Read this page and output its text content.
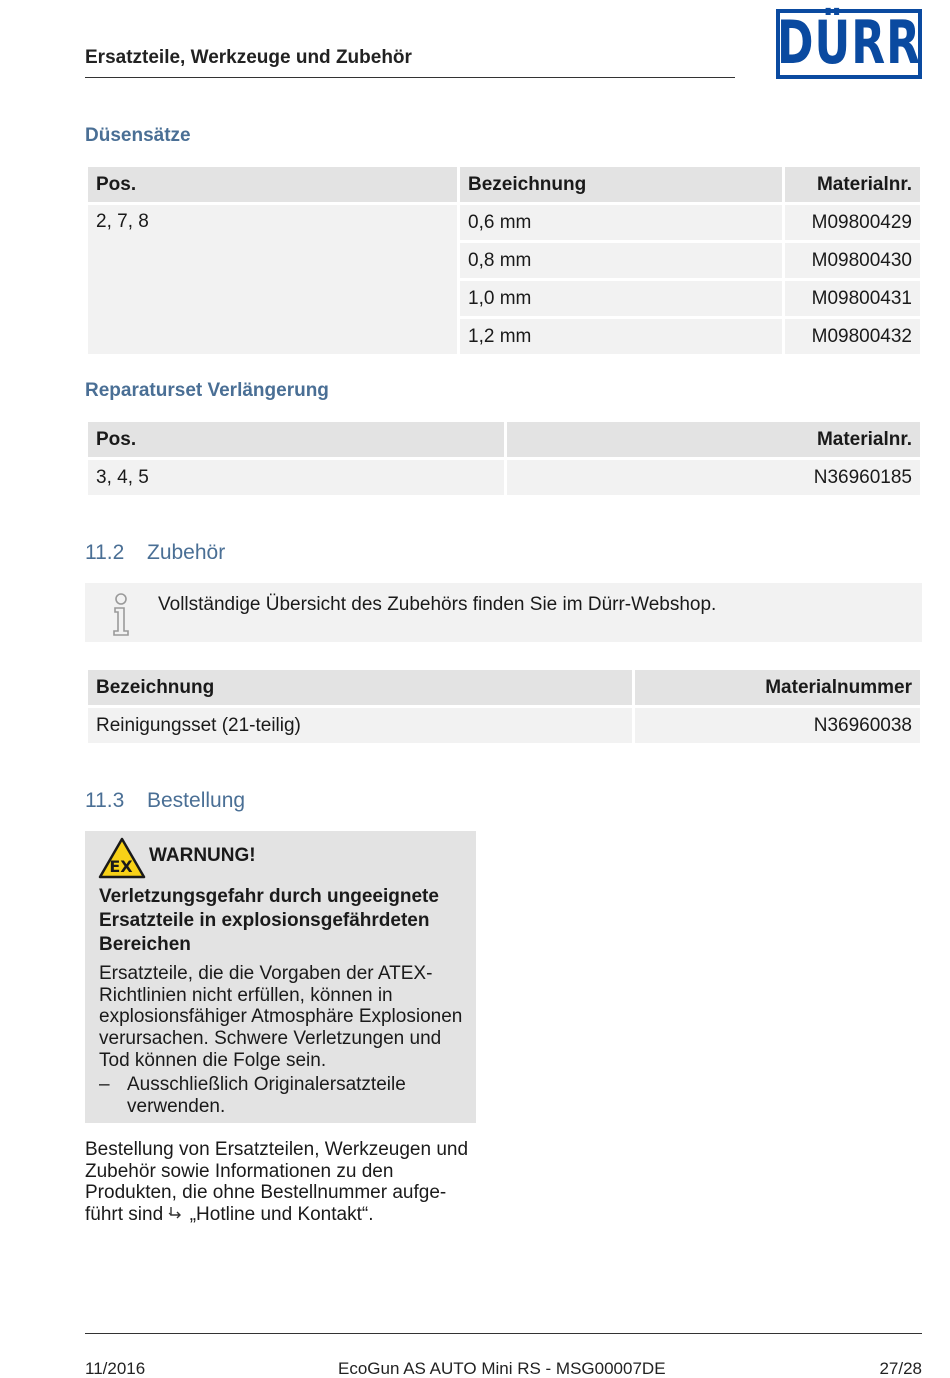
Ersatzteile, Werkzeuge und Zubehör	DÜRR
Düsensätze
Pos.	Bezeichnung	Materialnr.
2, 7, 8	0,6 mm	M09800429
	0,8 mm	M09800430
	1,0 mm	M09800431
	1,2 mm	M09800432
Reparaturset Verlängerung
Pos.	Materialnr.
3, 4, 5	N36960185
11.2 Zubehör
Vollständige Übersicht des Zubehörs finden Sie im Dürr-Webshop.
Bezeichnung	Materialnummer
Reinigungsset (21-teilig)	N36960038
11.3 Bestellung
EX
WARNUNG!
Verletzungsgefahr durch ungeeignete Ersatzteile in explosionsgefährdeten Bereichen
Ersatzteile, die die Vorgaben der ATEX-Richtlinien nicht erfüllen, können in explosionsfähiger Atmosphäre Explosionen verursachen. Schwere Verletzungen und Tod können die Folge sein.
– Ausschließlich Originalersatzteile verwenden.
Bestellung von Ersatzteilen, Werkzeugen und Zubehör sowie Informationen zu den Produkten, die ohne Bestellnummer aufgeführt sind  „Hotline und Kontakt“.
11/2016	EcoGun AS AUTO Mini RS - MSG00007DE	27/28
